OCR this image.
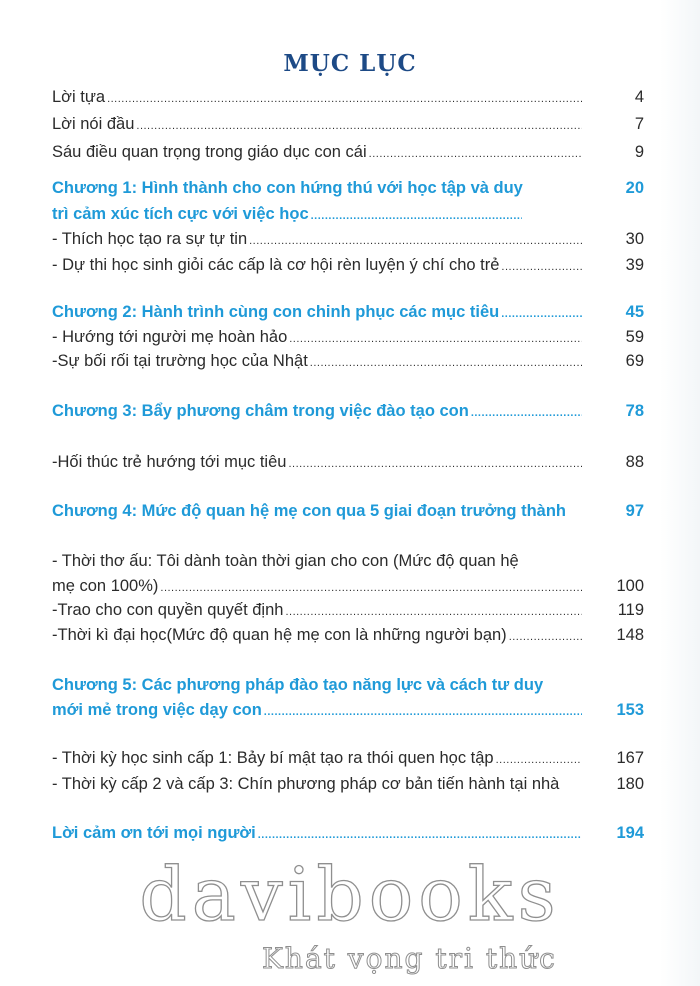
MỤC LỤC
Lời tựa .....	4
Lời nói đầu .....	7
Sáu điều quan trọng trong giáo dục con cái .....	9
Chương 1: Hình thành cho con hứng thú với học tập và duy	20
trì cảm xúc tích cực với việc học
.....
- Thích học tạo ra sự tự tin .....	30
- Dự thi học sinh giỏi các cấp là cơ hội rèn luyện ý chí cho trẻ .....	39
Chương 2: Hành trình cùng con chinh phục các mục tiêu .....	45
- Hướng tới người mẹ hoàn hảo .....	59
-Sự bối rối tại trường học của Nhật .....	69
Chương 3: Bẩy phương châm trong việc đào tạo con .....	78
-Hối thúc trẻ hướng tới mục tiêu .....	88
Chương 4: Mức độ quan hệ mẹ con qua 5 giai đoạn trưởng thành	97
- Thời thơ ấu: Tôi dành toàn thời gian cho con (Mức độ quan hệ
mẹ con 100%) .....	100
-Trao cho con quyền quyết định .....	119
-Thời kì đại học(Mức độ quan hệ mẹ con là những người bạn) .....	148
Chương 5: Các phương pháp đào tạo năng lực và cách tư duy
mới mẻ trong việc dạy con .....	153
- Thời kỳ học sinh cấp 1: Bảy bí mật tạo ra thói quen học tập .....	167
- Thời kỳ cấp 2 và cấp 3: Chín phương pháp cơ bản tiến hành tại nhà	180
Lời cảm ơn tới mọi người .....	194
davibooks
Khát vọng tri thức
